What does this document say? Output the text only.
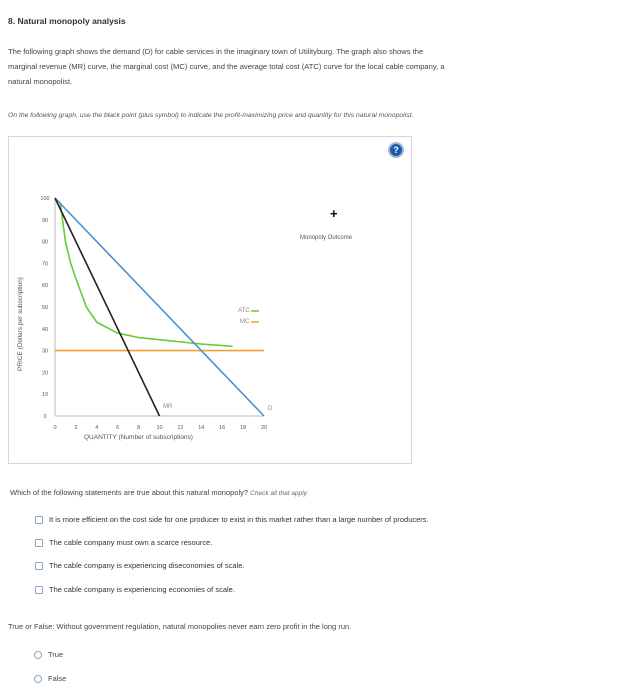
8. Natural monopoly analysis
The following graph shows the demand (D) for cable services in the imaginary town of Utilityburg. The graph also shows the
marginal revenue (MR) curve, the marginal cost (MC) curve, and the average total cost (ATC) curve for the local cable company, a
natural monopolist.
On the following graph, use the black point (plus symbol) to indicate the profit-maximizing price and quantity for this natural monopolist.
100
90
80
70
60
50
40
30
20
10
0
0	2	4	6	8	10	12	14	16	18	20
PRICE (Dollars per subscription)
QUANTITY (Number of subscriptions)
ATC
MC
MR	D
?
+
Monopoly Outcome
Which of the following statements are true about this natural monopoly? Check all that apply.
It is more efficient on the cost side for one producer to exist in this market rather than a large number of producers.
The cable company must own a scarce resource.
The cable company is experiencing diseconomies of scale.
The cable company is experiencing economies of scale.
True or False: Without government regulation, natural monopolies never earn zero profit in the long run.
True
False
